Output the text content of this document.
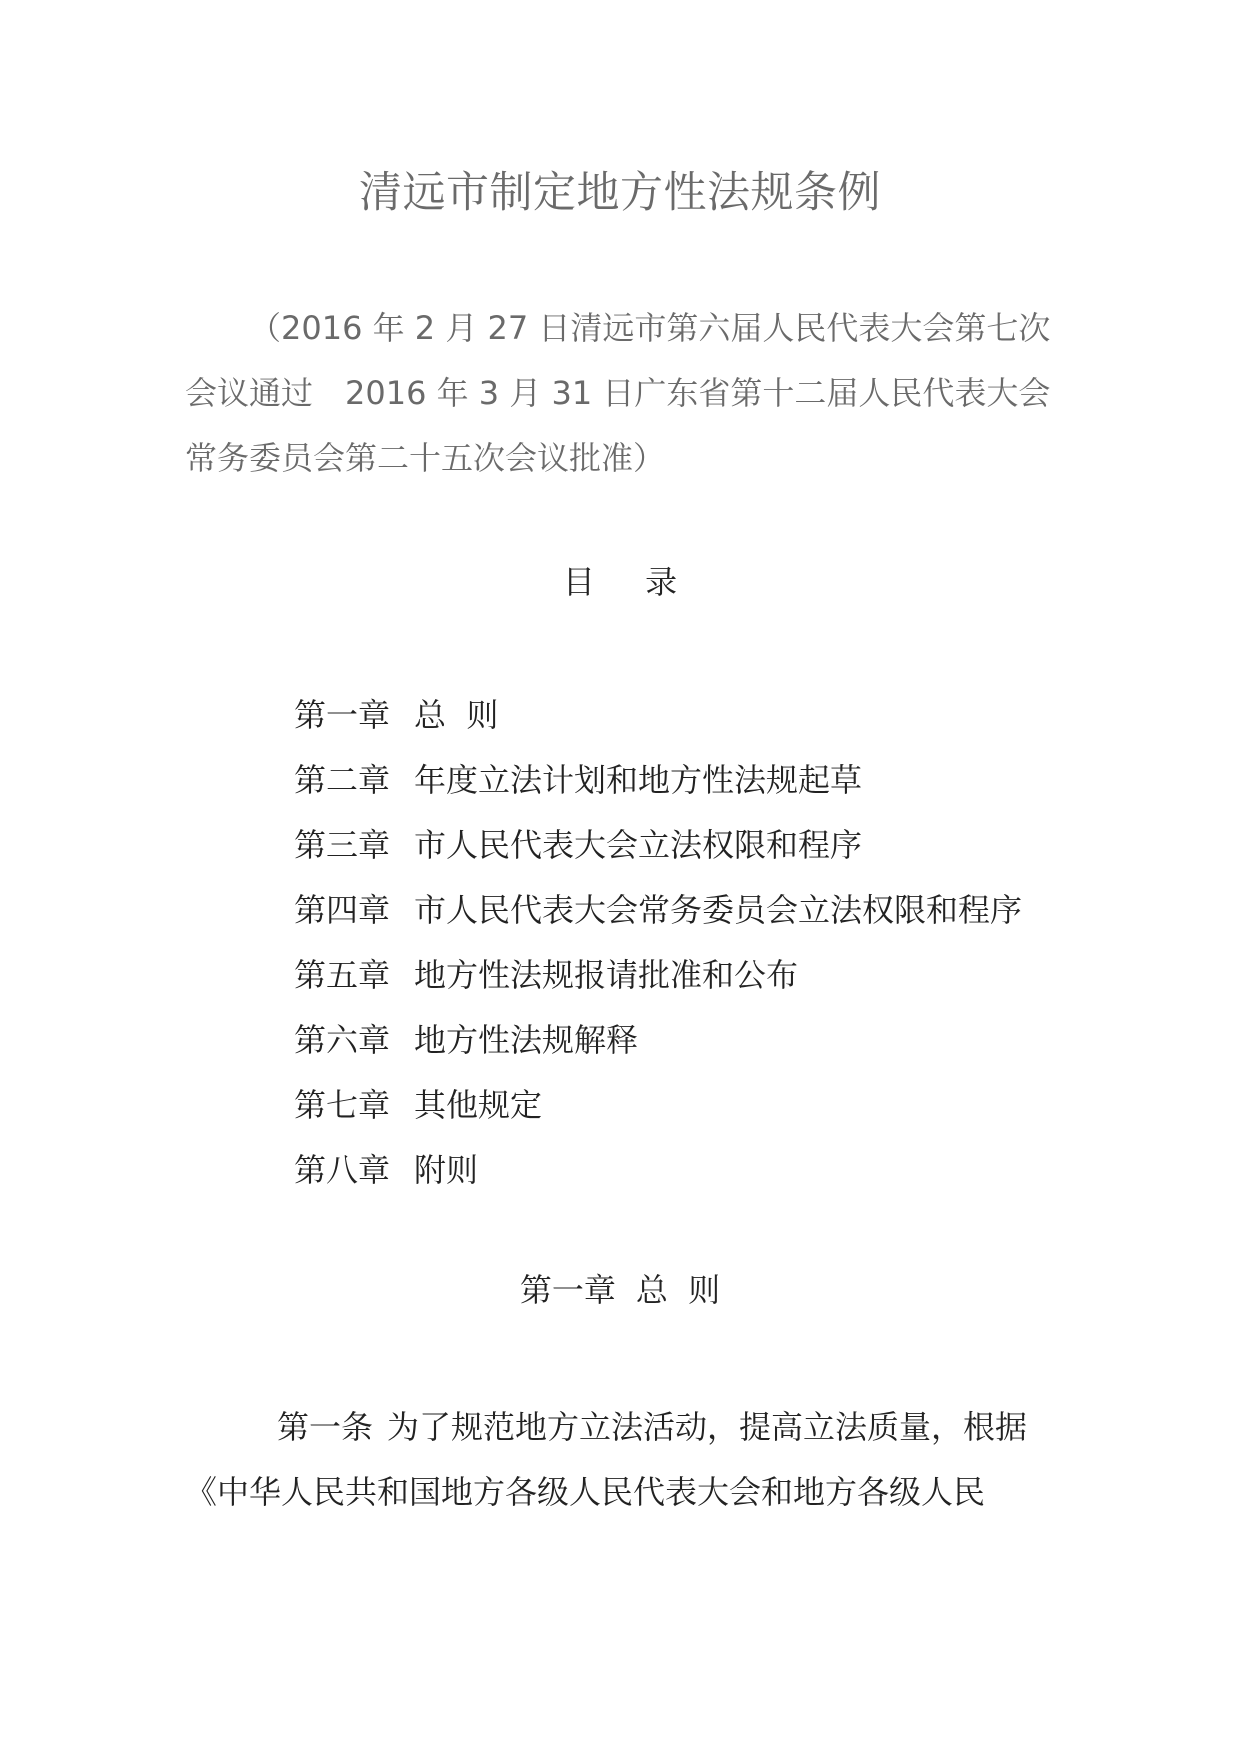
清远市制定地方性法规条例

（2016 年 2 月 27 日清远市第六届人民代表大会第七次会议通过　2016 年 3 月 31 日广东省第十二届人民代表大会常务委员会第二十五次会议批准）

目 录
第一章 总  则
第二章 年度立法计划和地方性法规起草
第三章 市人民代表大会立法权限和程序
第四章 市人民代表大会常务委员会立法权限和程序
第五章 地方性法规报请批准和公布
第六章 地方性法规解释
第七章 其他规定
第八章 附则
第一章 总  则

第一条 为了规范地方立法活动，提高立法质量，根据《中华人民共和国地方各级人民代表大会和地方各级人民
